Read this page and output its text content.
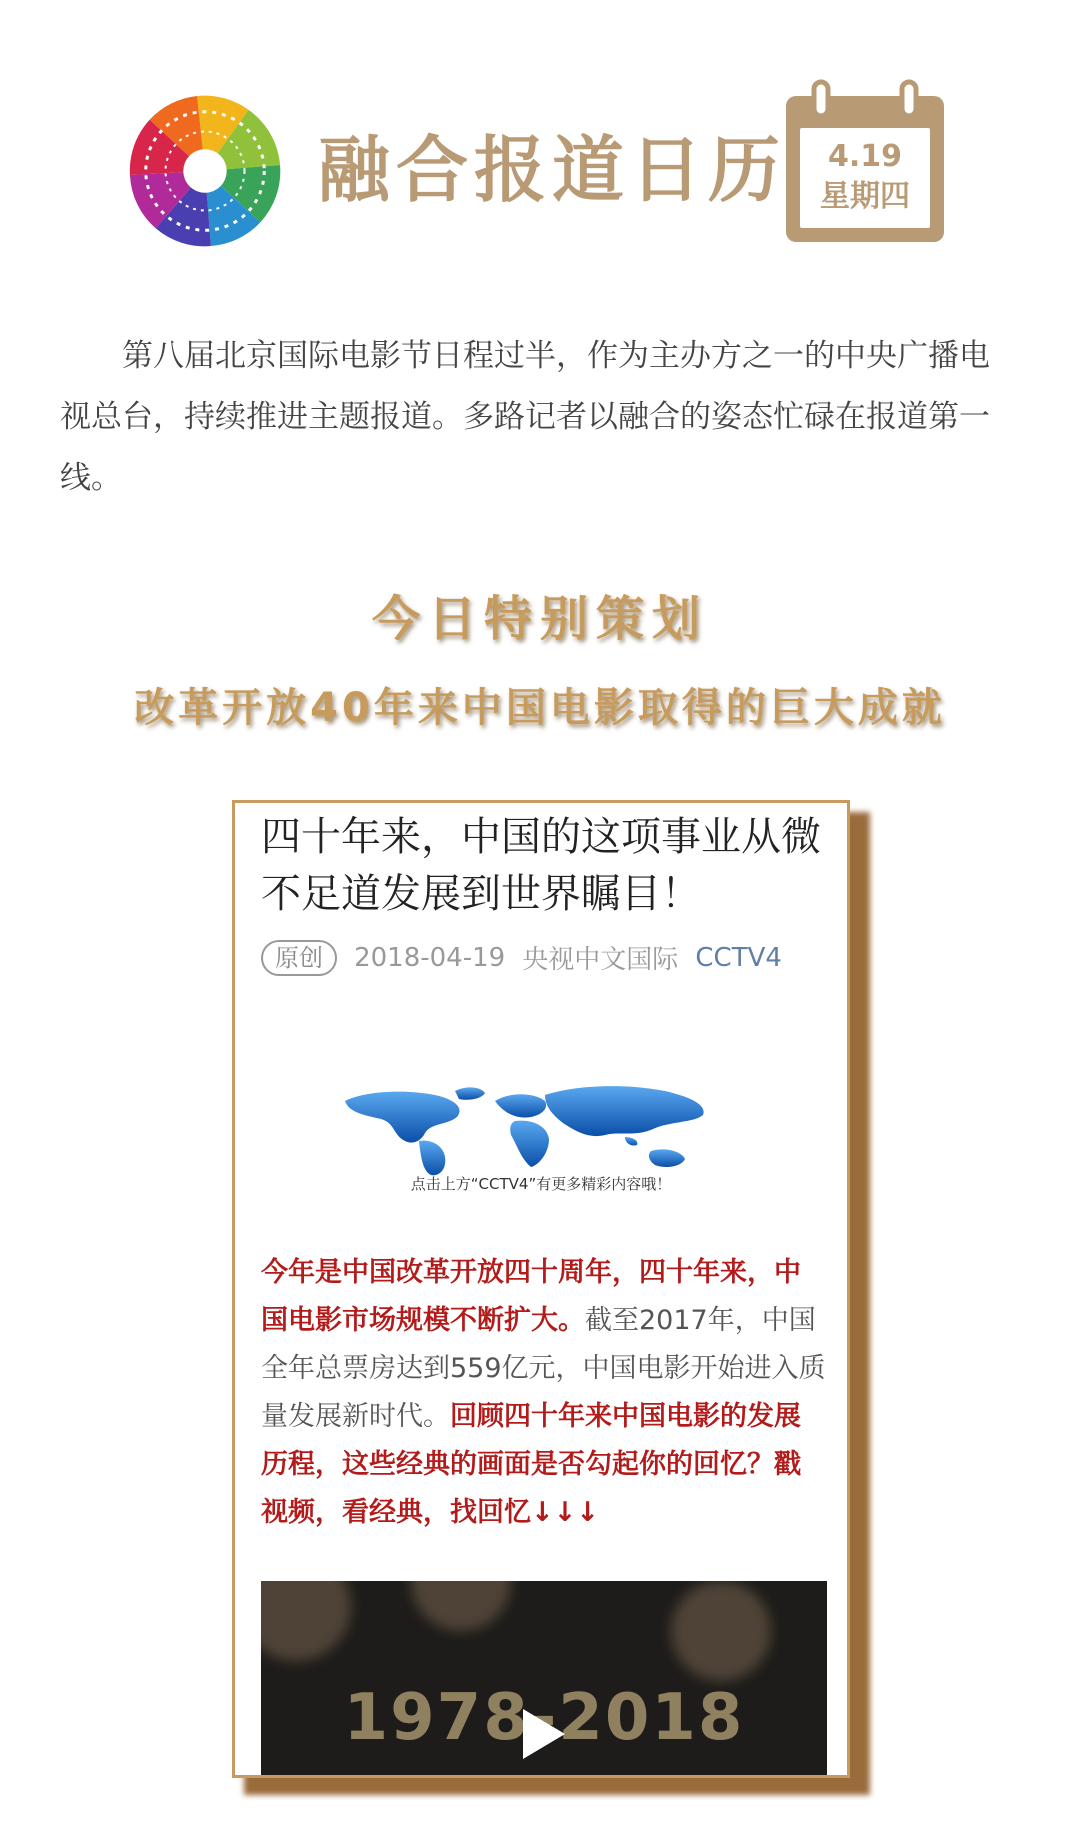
融合报道日历	4.19
星期四

第八届北京国际电影节日程过半，作为主办方之一的中央广播电视总台，持续推进主题报道。多路记者以融合的姿态忙碌在报道第一线。

今日特别策划
改革开放40年来中国电影取得的巨大成就
四十年来，中国的这项事业从微不足道发展到世界瞩目！
原创 2018-04-19 央视中文国际 CCTV4
点击上方“CCTV4”有更多精彩内容哦！

今年是中国改革开放四十周年，四十年来，中国电影市场规模不断扩大。截至2017年，中国全年总票房达到559亿元，中国电影开始进入质量发展新时代。回顾四十年来中国电影的发展历程，这些经典的画面是否勾起你的回忆？戳视频，看经典，找回忆↓↓↓

1978-2018
